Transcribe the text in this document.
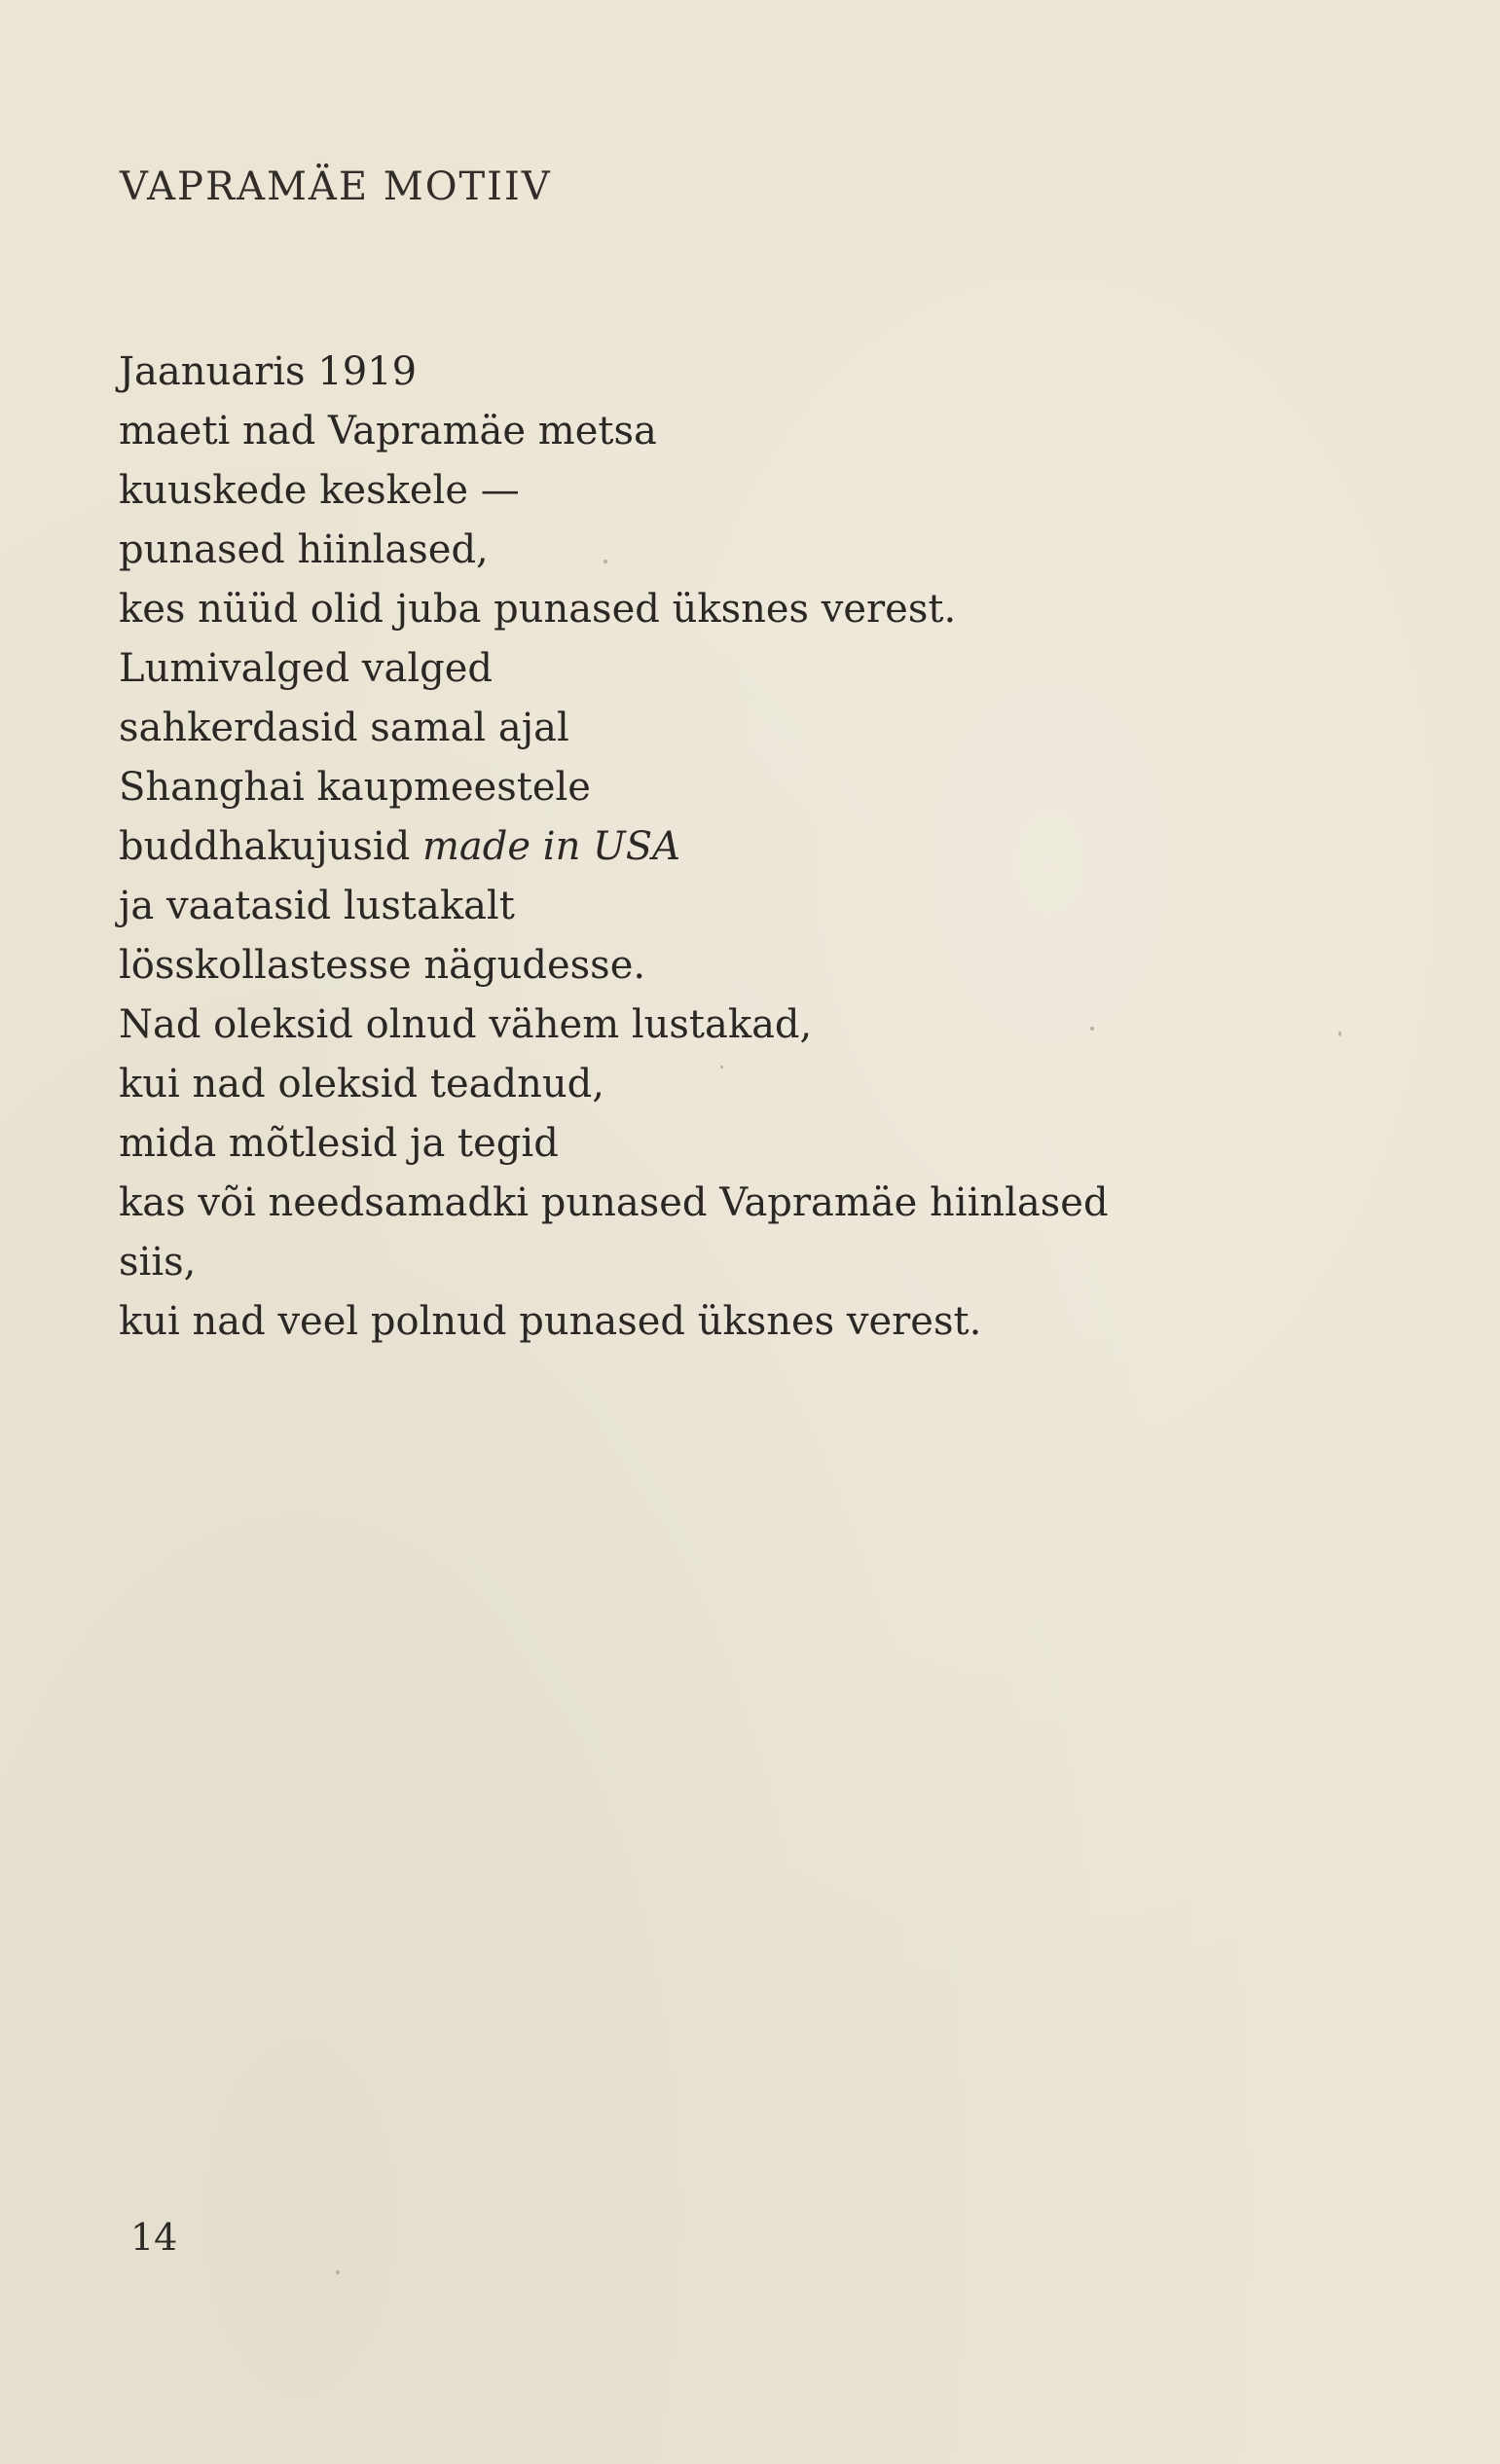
VAPRAMÄE MOTIIV
Jaanuaris 1919
maeti nad Vapramäe metsa
kuuskede keskele —
punased hiinlased,
kes nüüd olid juba punased üksnes verest.
Lumivalged valged
sahkerdasid samal ajal
Shanghai kaupmeestele
buddhakujusid made in USA
ja vaatasid lustakalt
lösskollastesse nägudesse.
Nad oleksid olnud vähem lustakad,
kui nad oleksid teadnud,
mida mõtlesid ja tegid
kas või needsamadki punased Vapramäe hiinlased
siis,
kui nad veel polnud punased üksnes verest.
14
